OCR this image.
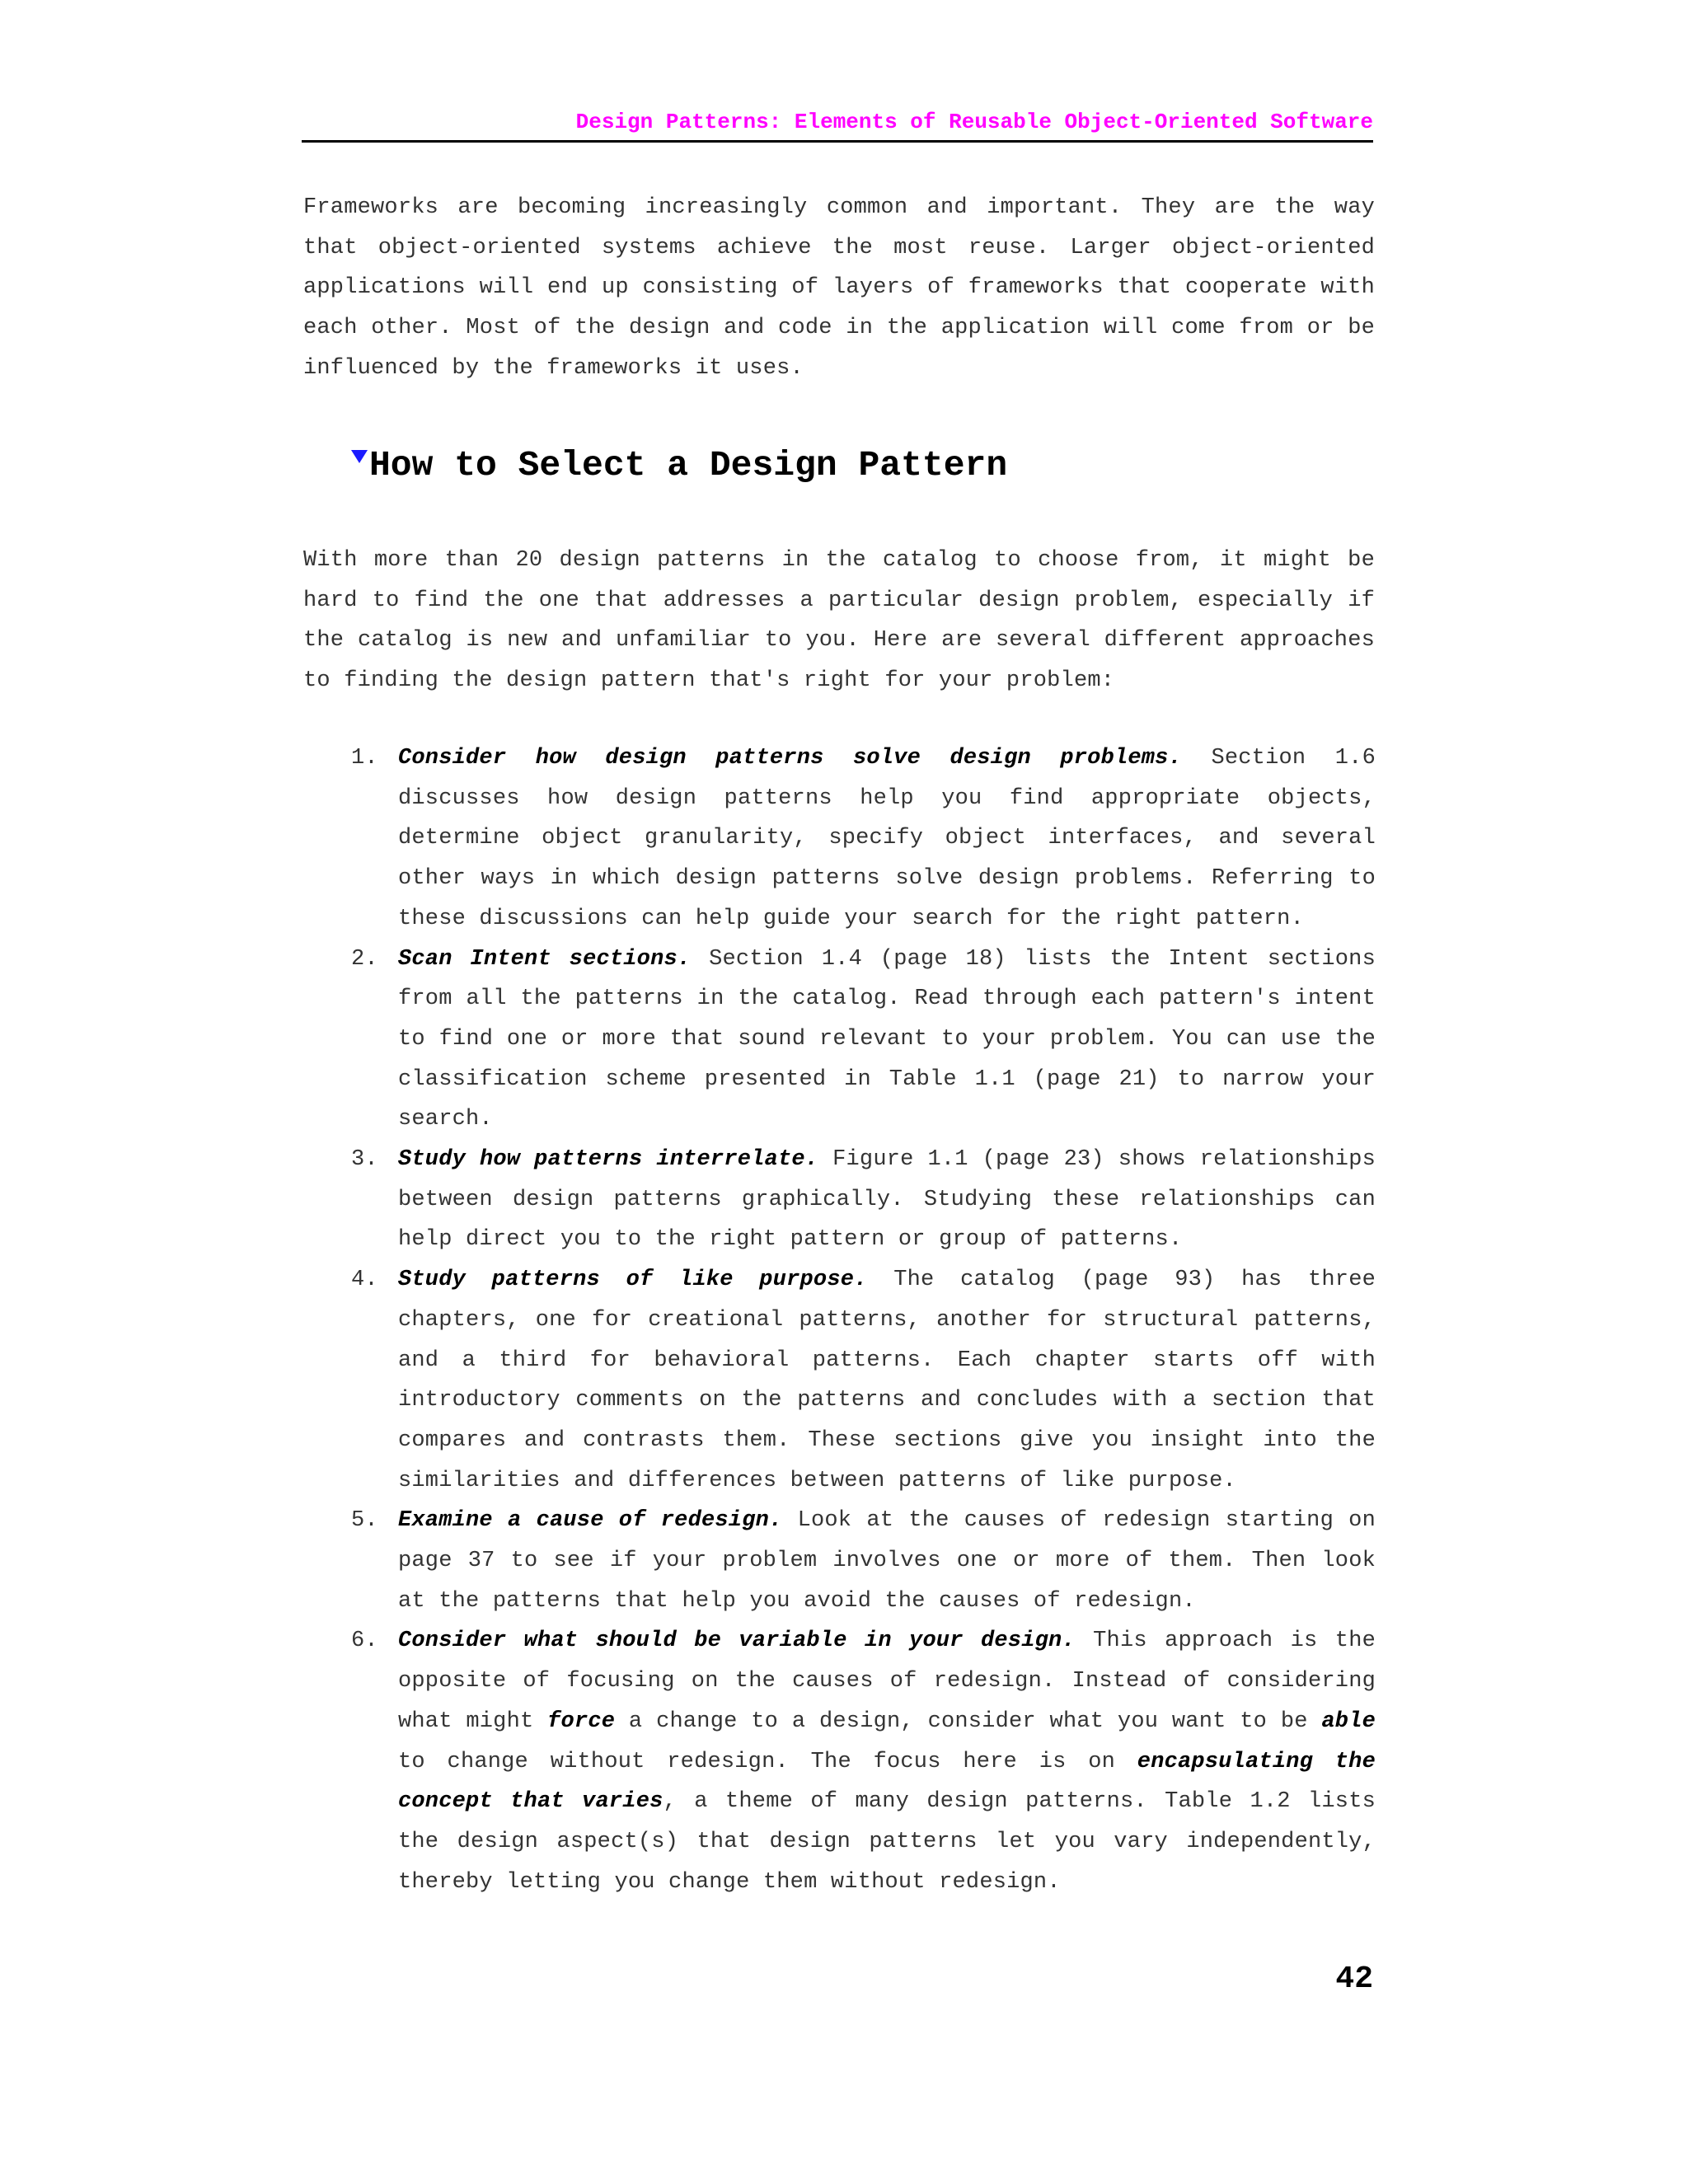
Design Patterns: Elements of Reusable Object-Oriented Software

Frameworks are becoming increasingly common and important. They are the way that object-oriented systems achieve the most reuse. Larger object-oriented applications will end up consisting of layers of frameworks that cooperate with each other. Most of the design and code in the application will come from or be influenced by the frameworks it uses.

How to Select a Design Pattern

With more than 20 design patterns in the catalog to choose from, it might be hard to find the one that addresses a particular design problem, especially if the catalog is new and unfamiliar to you. Here are several different approaches to finding the design pattern that's right for your problem:

1. Consider how design patterns solve design problems. Section 1.6 discusses how design patterns help you find appropriate objects, determine object granularity, specify object interfaces, and several other ways in which design patterns solve design problems. Referring to these discussions can help guide your search for the right pattern.
2. Scan Intent sections. Section 1.4 (page 18) lists the Intent sections from all the patterns in the catalog. Read through each pattern's intent to find one or more that sound relevant to your problem. You can use the classification scheme presented in Table 1.1 (page 21) to narrow your search.
3. Study how patterns interrelate. Figure 1.1 (page 23) shows relationships between design patterns graphically. Studying these relationships can help direct you to the right pattern or group of patterns.
4. Study patterns of like purpose. The catalog (page 93) has three chapters, one for creational patterns, another for structural patterns, and a third for behavioral patterns. Each chapter starts off with introductory comments on the patterns and concludes with a section that compares and contrasts them. These sections give you insight into the similarities and differences between patterns of like purpose.
5. Examine a cause of redesign. Look at the causes of redesign starting on page 37 to see if your problem involves one or more of them. Then look at the patterns that help you avoid the causes of redesign.
6. Consider what should be variable in your design. This approach is the opposite of focusing on the causes of redesign. Instead of considering what might force a change to a design, consider what you want to be able to change without redesign. The focus here is on encapsulating the concept that varies, a theme of many design patterns. Table 1.2 lists the design aspect(s) that design patterns let you vary independently, thereby letting you change them without redesign.
42
